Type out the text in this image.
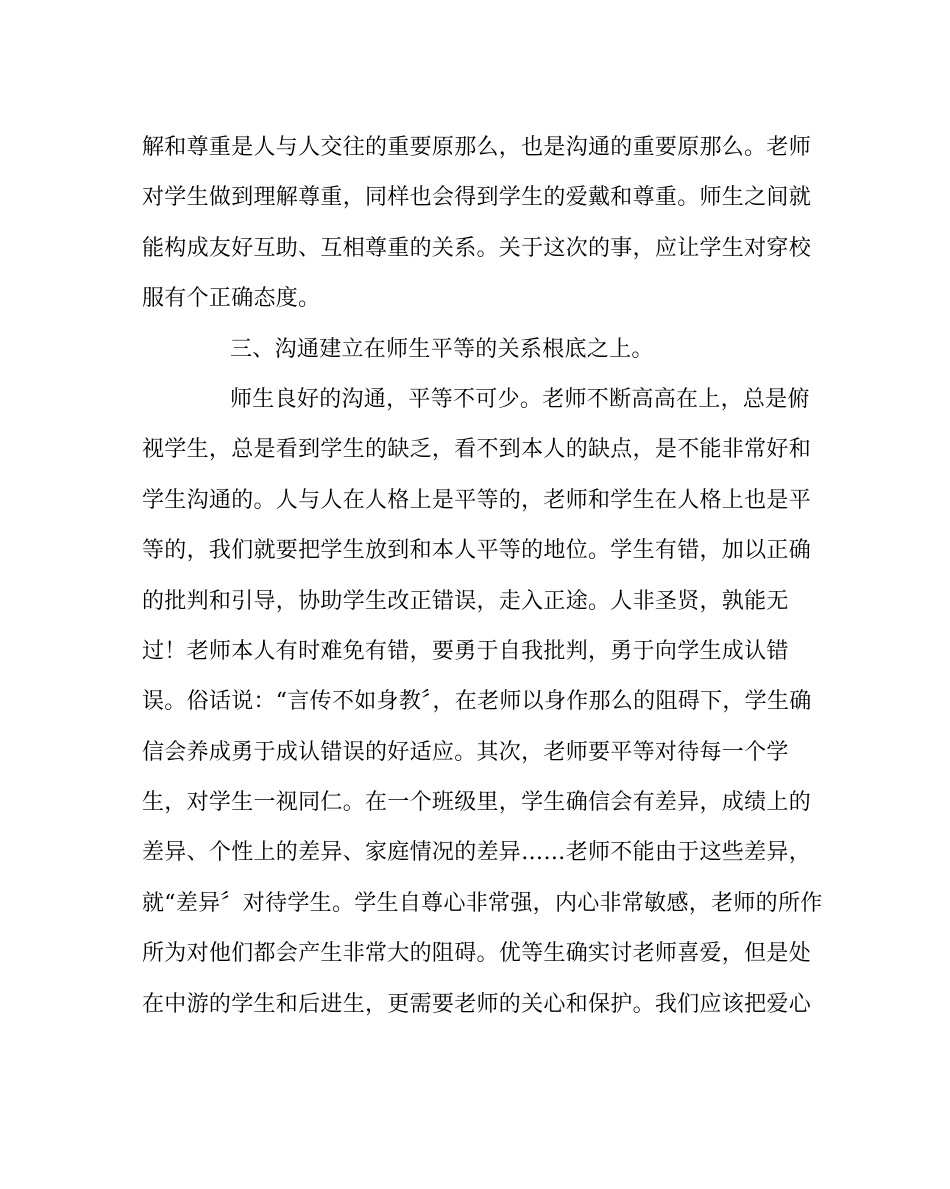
解和尊重是人与人交往的重要原那么，也是沟通的重要原那么。老师
对学生做到理解尊重，同样也会得到学生的爱戴和尊重。师生之间就
能构成友好互助、互相尊重的关系。关于这次的事，应让学生对穿校
服有个正确态度。
三、沟通建立在师生平等的关系根底之上。
师生良好的沟通，平等不可少。老师不断高高在上，总是俯
视学生，总是看到学生的缺乏，看不到本人的缺点，是不能非常好和
学生沟通的。人与人在人格上是平等的，老师和学生在人格上也是平
等的，我们就要把学生放到和本人平等的地位。学生有错，加以正确
的批判和引导，协助学生改正错误，走入正途。人非圣贤，孰能无
过！老师本人有时难免有错，要勇于自我批判，勇于向学生成认错
误。俗话说：“言传不如身教〞，在老师以身作那么的阻碍下，学生确
信会养成勇于成认错误的好适应。其次，老师要平等对待每一个学
生，对学生一视同仁。在一个班级里，学生确信会有差异，成绩上的
差异、个性上的差异、家庭情况的差异……老师不能由于这些差异，
就“差异〞对待学生。学生自尊心非常强，内心非常敏感，老师的所作
所为对他们都会产生非常大的阻碍。优等生确实讨老师喜爱，但是处
在中游的学生和后进生，更需要老师的关心和保护。我们应该把爱心
